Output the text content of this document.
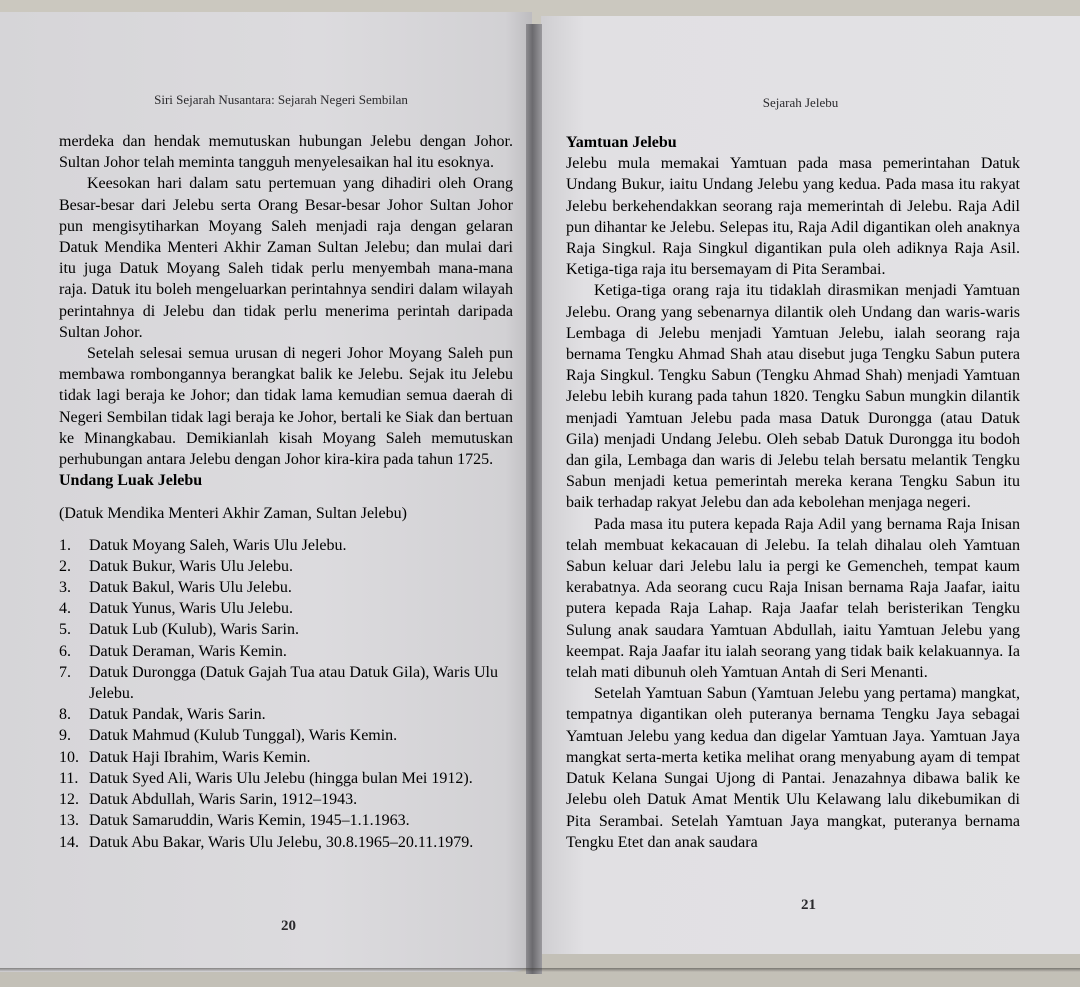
Siri Sejarah Nusantara: Sejarah Negeri Sembilan	Sejarah Jelebu

merdeka dan hendak memutuskan hubungan Jelebu dengan Johor. Sultan Johor telah meminta tangguh menyelesaikan hal itu esoknya.

Keesokan hari dalam satu pertemuan yang dihadiri oleh Orang Besar-besar dari Jelebu serta Orang Besar-besar Johor Sultan Johor pun mengisytiharkan Moyang Saleh menjadi raja dengan gelaran Datuk Mendika Menteri Akhir Zaman Sultan Jelebu; dan mulai dari itu juga Datuk Moyang Saleh tidak perlu menyembah mana-mana raja. Datuk itu boleh mengeluarkan perintahnya sendiri dalam wilayah perintahnya di Jelebu dan tidak perlu menerima perintah daripada Sultan Johor.

Setelah selesai semua urusan di negeri Johor Moyang Saleh pun membawa rombongannya berangkat balik ke Jelebu. Sejak itu Jelebu tidak lagi beraja ke Johor; dan tidak lama kemudian semua daerah di Negeri Sembilan tidak lagi beraja ke Johor, bertali ke Siak dan bertuan ke Minangkabau. Demikianlah kisah Moyang Saleh memutuskan perhubungan antara Jelebu dengan Johor kira-kira pada tahun 1725.

Undang Luak Jelebu

(Datuk Mendika Menteri Akhir Zaman, Sultan Jelebu)

1.	Datuk Moyang Saleh, Waris Ulu Jelebu.
2.	Datuk Bukur, Waris Ulu Jelebu.
3.	Datuk Bakul, Waris Ulu Jelebu.
4.	Datuk Yunus, Waris Ulu Jelebu.
5.	Datuk Lub (Kulub), Waris Sarin.
6.	Datuk Deraman, Waris Kemin.
7.	Datuk Durongga (Datuk Gajah Tua atau Datuk Gila), Waris Ulu Jelebu.
8.	Datuk Pandak, Waris Sarin.
9.	Datuk Mahmud (Kulub Tunggal), Waris Kemin.
10. Datuk Haji Ibrahim, Waris Kemin.
11. Datuk Syed Ali, Waris Ulu Jelebu (hingga bulan Mei 1912).
12. Datuk Abdullah, Waris Sarin, 1912–1943.
13. Datuk Samaruddin, Waris Kemin, 1945–1.1.1963.
14. Datuk Abu Bakar, Waris Ulu Jelebu, 30.8.1965–20.11.1979.

Yamtuan Jelebu

Jelebu mula memakai Yamtuan pada masa pemerintahan Datuk Undang Bukur, iaitu Undang Jelebu yang kedua. Pada masa itu rakyat Jelebu berkehendakkan seorang raja memerintah di Jelebu. Raja Adil pun dihantar ke Jelebu. Selepas itu, Raja Adil digantikan oleh anaknya Raja Singkul. Raja Singkul digantikan pula oleh adiknya Raja Asil. Ketiga-tiga raja itu bersemayam di Pita Serambai.

Ketiga-tiga orang raja itu tidaklah dirasmikan menjadi Yamtuan Jelebu. Orang yang sebenarnya dilantik oleh Undang dan waris-waris Lembaga di Jelebu menjadi Yamtuan Jelebu, ialah seorang raja bernama Tengku Ahmad Shah atau disebut juga Tengku Sabun putera Raja Singkul. Tengku Sabun (Tengku Ahmad Shah) menjadi Yamtuan Jelebu lebih kurang pada tahun 1820. Tengku Sabun mungkin dilantik menjadi Yamtuan Jelebu pada masa Datuk Durongga (atau Datuk Gila) menjadi Undang Jelebu. Oleh sebab Datuk Durongga itu bodoh dan gila, Lembaga dan waris di Jelebu telah bersatu melantik Tengku Sabun menjadi ketua pemerintah mereka kerana Tengku Sabun itu baik terhadap rakyat Jelebu dan ada kebolehan menjaga negeri.

Pada masa itu putera kepada Raja Adil yang bernama Raja Inisan telah membuat kekacauan di Jelebu. Ia telah dihalau oleh Yamtuan Sabun keluar dari Jelebu lalu ia pergi ke Gemencheh, tempat kaum kerabatnya. Ada seorang cucu Raja Inisan bernama Raja Jaafar, iaitu putera kepada Raja Lahap. Raja Jaafar telah beristerikan Tengku Sulung anak saudara Yamtuan Abdullah, iaitu Yamtuan Jelebu yang keempat. Raja Jaafar itu ialah seorang yang tidak baik kelakuannya. Ia telah mati dibunuh oleh Yamtuan Antah di Seri Menanti.

Setelah Yamtuan Sabun (Yamtuan Jelebu yang pertama) mangkat, tempatnya digantikan oleh puteranya bernama Tengku Jaya sebagai Yamtuan Jelebu yang kedua dan digelar Yamtuan Jaya. Yamtuan Jaya mangkat serta-merta ketika melihat orang menyabung ayam di tempat Datuk Kelana Sungai Ujong di Pantai. Jenazahnya dibawa balik ke Jelebu oleh Datuk Amat Mentik Ulu Kelawang lalu dikebumikan di Pita Serambai. Setelah Yamtuan Jaya mangkat, puteranya bernama Tengku Etet dan anak saudara

20
21
